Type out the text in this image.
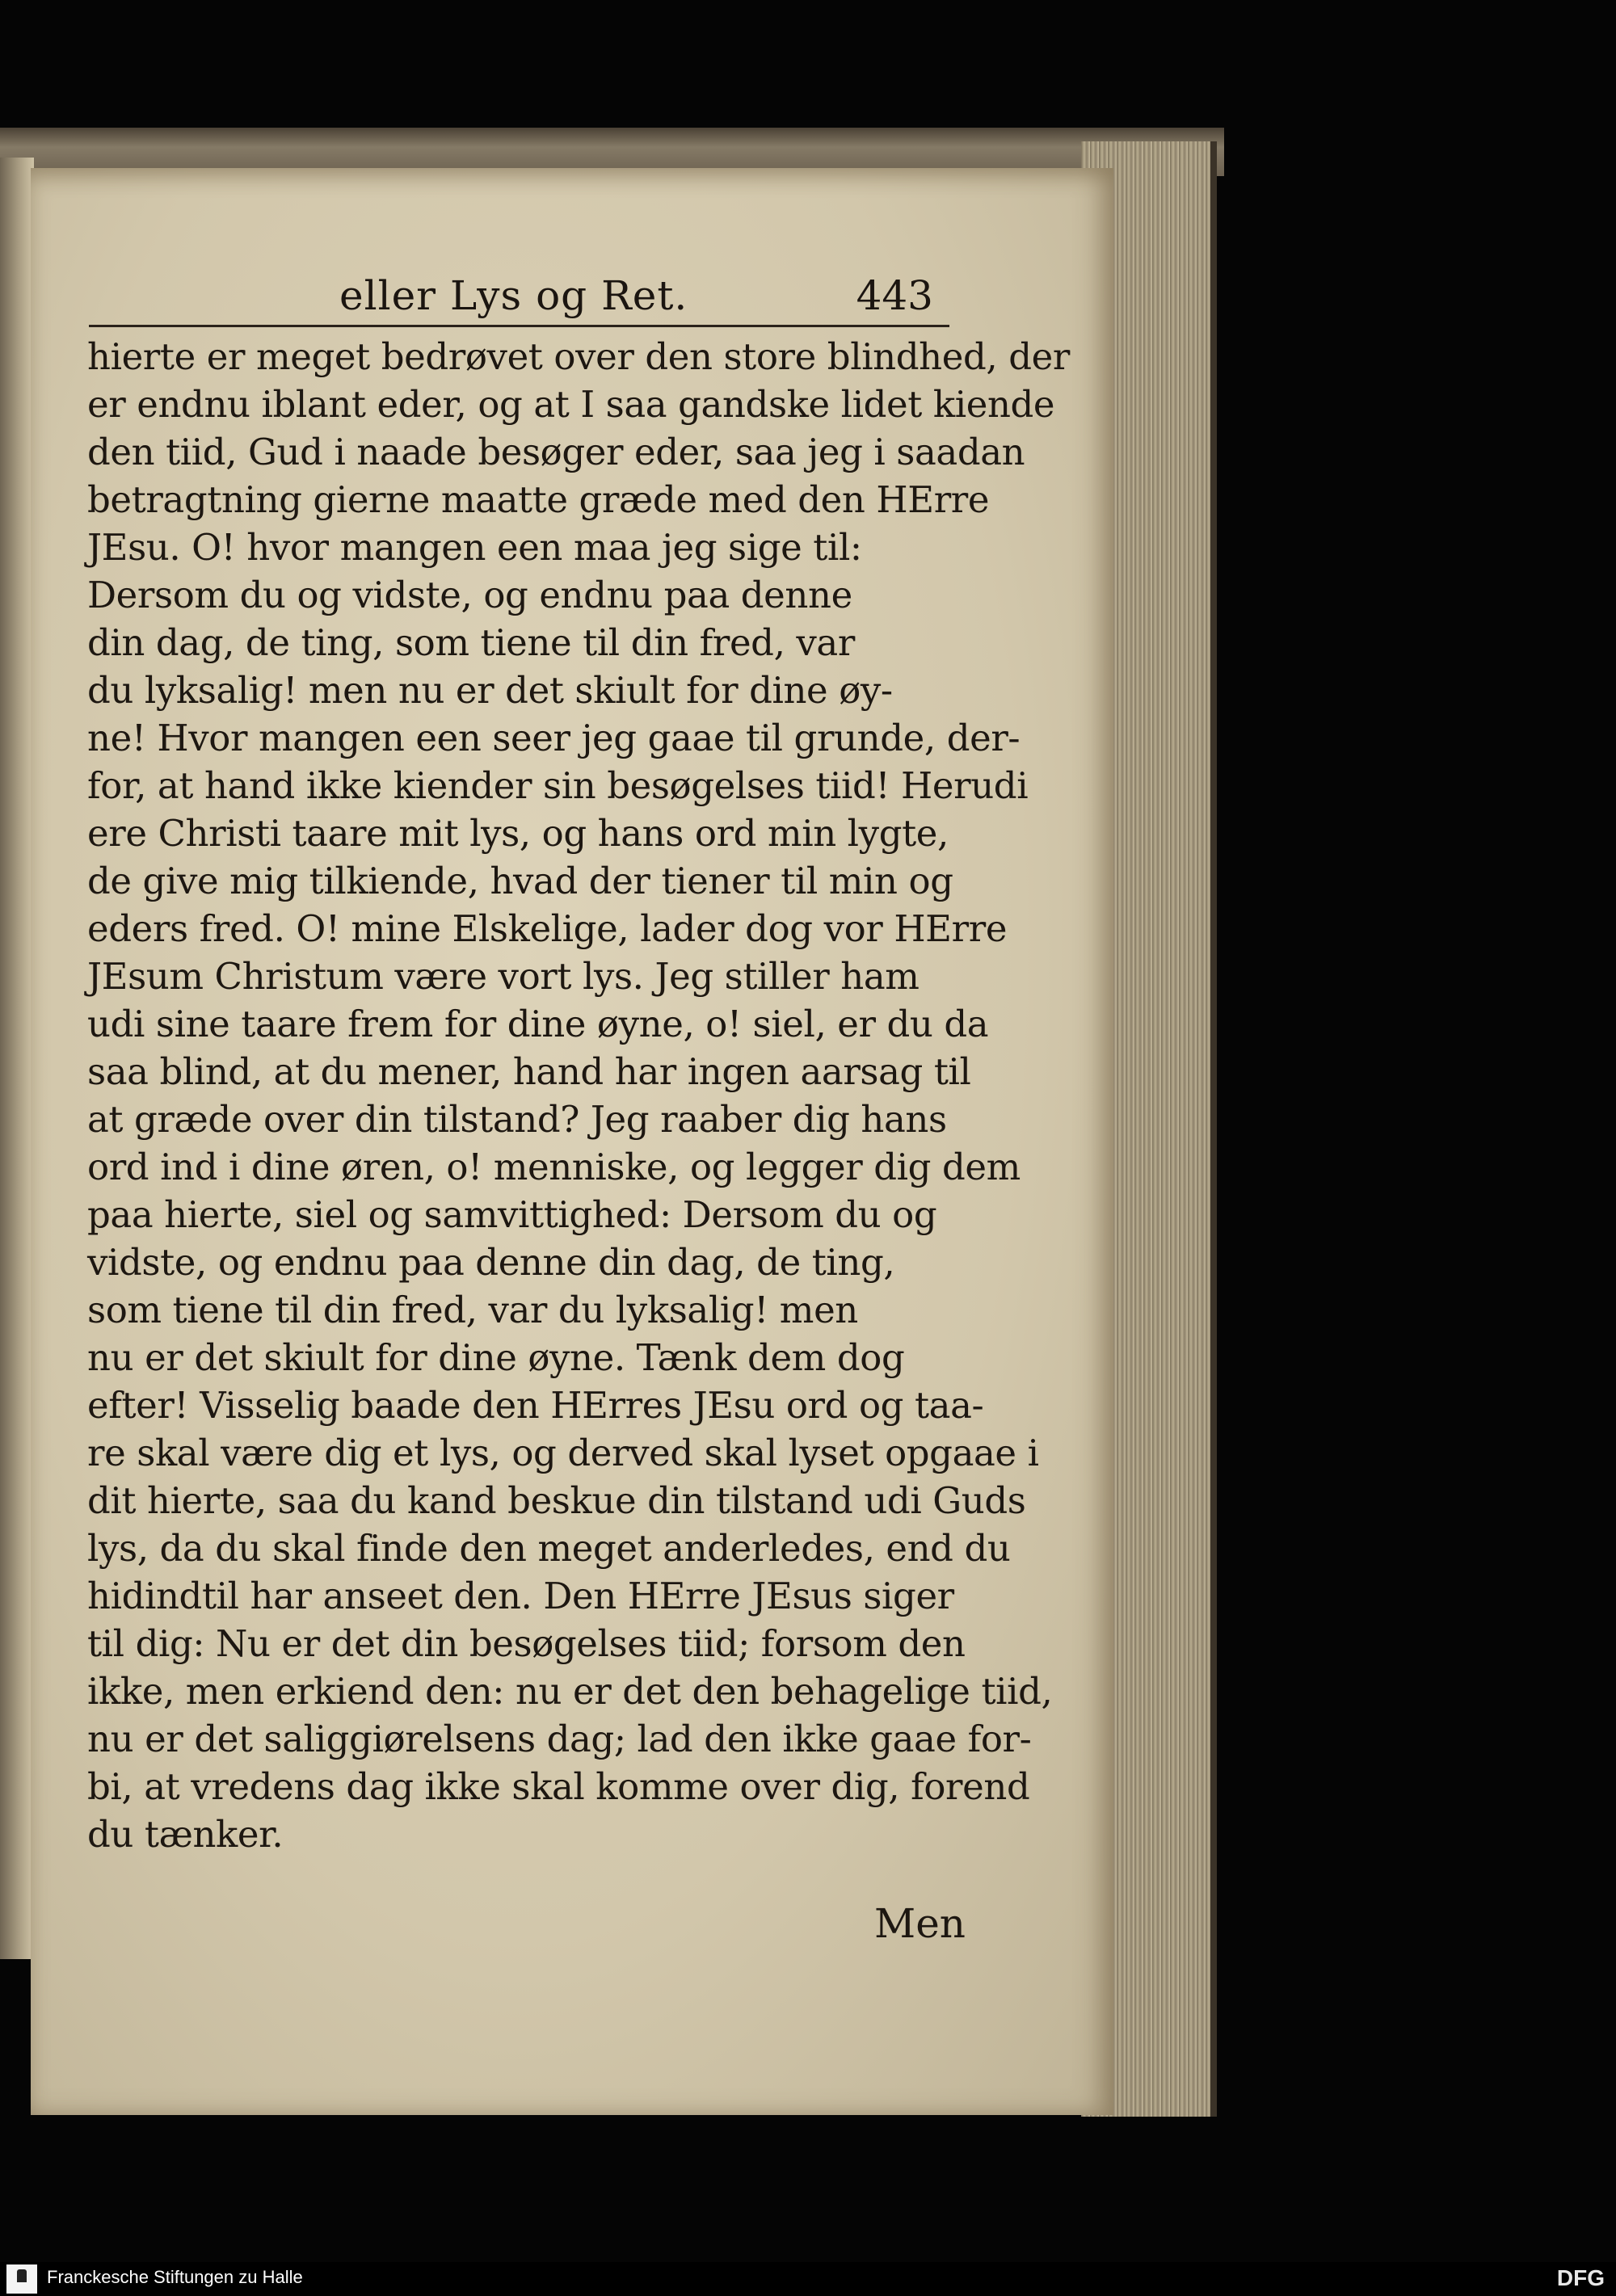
eller Lys og Ret.	443
hierte er meget bedrøvet over den store blindhed, der
er endnu iblant eder, og at I saa gandske lidet kiende
den tiid, Gud i naade besøger eder, saa jeg i saadan
betragtning gierne maatte græde med den HErre
JEsu. O! hvor mangen een maa jeg sige til:
Dersom du og vidste, og endnu paa denne
din dag, de ting, som tiene til din fred, var
du lyksalig! men nu er det skiult for dine øy-
ne! Hvor mangen een seer jeg gaae til grunde, der-
for, at hand ikke kiender sin besøgelses tiid! Herudi
ere Christi taare mit lys, og hans ord min lygte,
de give mig tilkiende, hvad der tiener til min og
eders fred. O! mine Elskelige, lader dog vor HErre
JEsum Christum være vort lys. Jeg stiller ham
udi sine taare frem for dine øyne, o! siel, er du da
saa blind, at du mener, hand har ingen aarsag til
at græde over din tilstand? Jeg raaber dig hans
ord ind i dine øren, o! menniske, og legger dig dem
paa hierte, siel og samvittighed: Dersom du og
vidste, og endnu paa denne din dag, de ting,
som tiene til din fred, var du lyksalig! men
nu er det skiult for dine øyne. Tænk dem dog
efter! Visselig baade den HErres JEsu ord og taa-
re skal være dig et lys, og derved skal lyset opgaae i
dit hierte, saa du kand beskue din tilstand udi Guds
lys, da du skal finde den meget anderledes, end du
hidindtil har anseet den. Den HErre JEsus siger
til dig: Nu er det din besøgelses tiid; forsom den
ikke, men erkiend den: nu er det den behagelige tiid,
nu er det saliggiørelsens dag; lad den ikke gaae for-
bi, at vredens dag ikke skal komme over dig, forend
du tænker.
Men
Franckesche Stiftungen zu Halle	DFG
